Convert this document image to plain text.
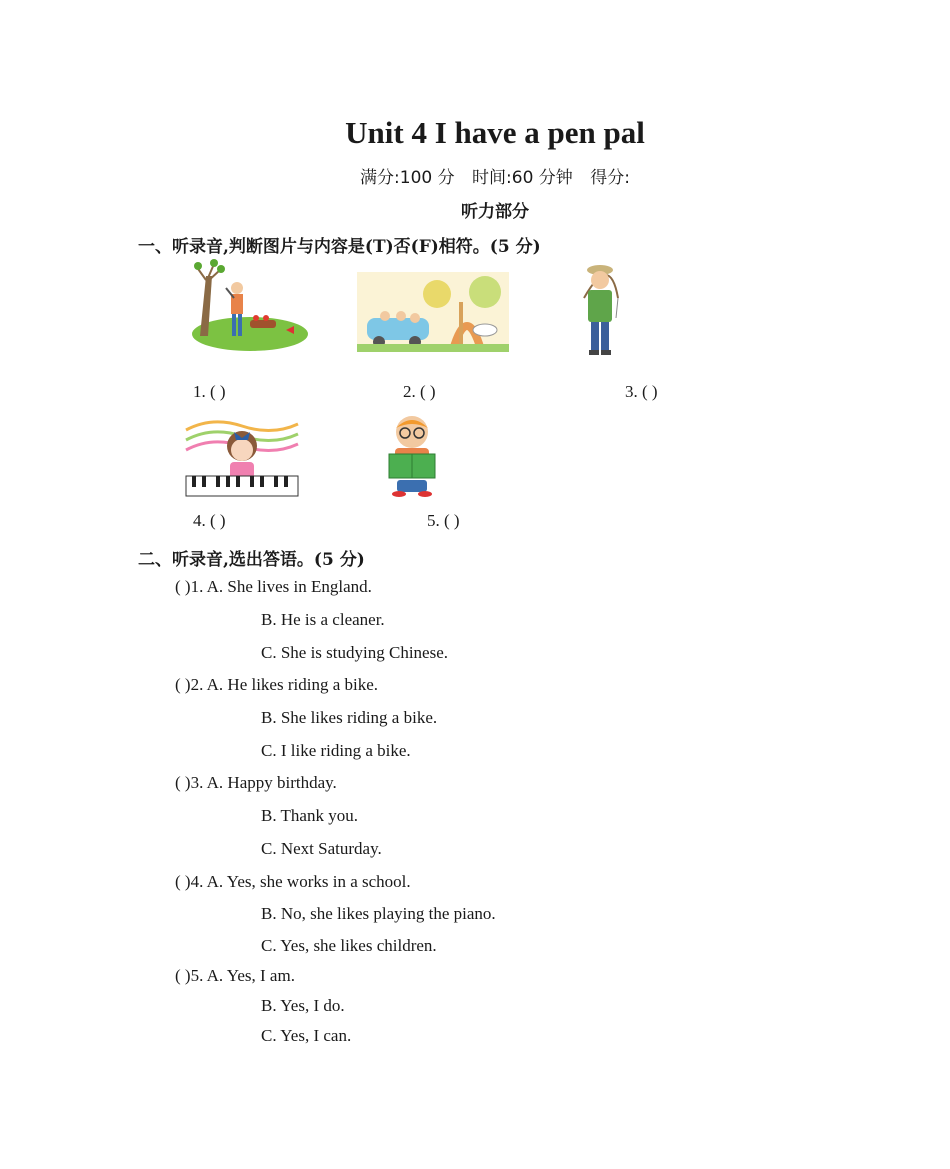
Unit 4 I have a pen pal
满分:100 分 时间:60 分钟 得分:
听力部分
一、听录音,判断图片与内容是(T)否(F)相符。(5 分)
1. ( )	2. ( )	3. ( )
4. ( )	5. ( )
二、听录音,选出答语。(5 分)
( )1. A. She lives in England.
B. He is a cleaner.
C. She is studying Chinese.
( )2. A. He likes riding a bike.
B. She likes riding a bike.
C. I like riding a bike.
( )3. A. Happy birthday.
B. Thank you.
C. Next Saturday.
( )4. A. Yes, she works in a school.
B. No, she likes playing the piano.
C. Yes, she likes children.
( )5. A. Yes, I am.
B. Yes, I do.
C. Yes, I can.
